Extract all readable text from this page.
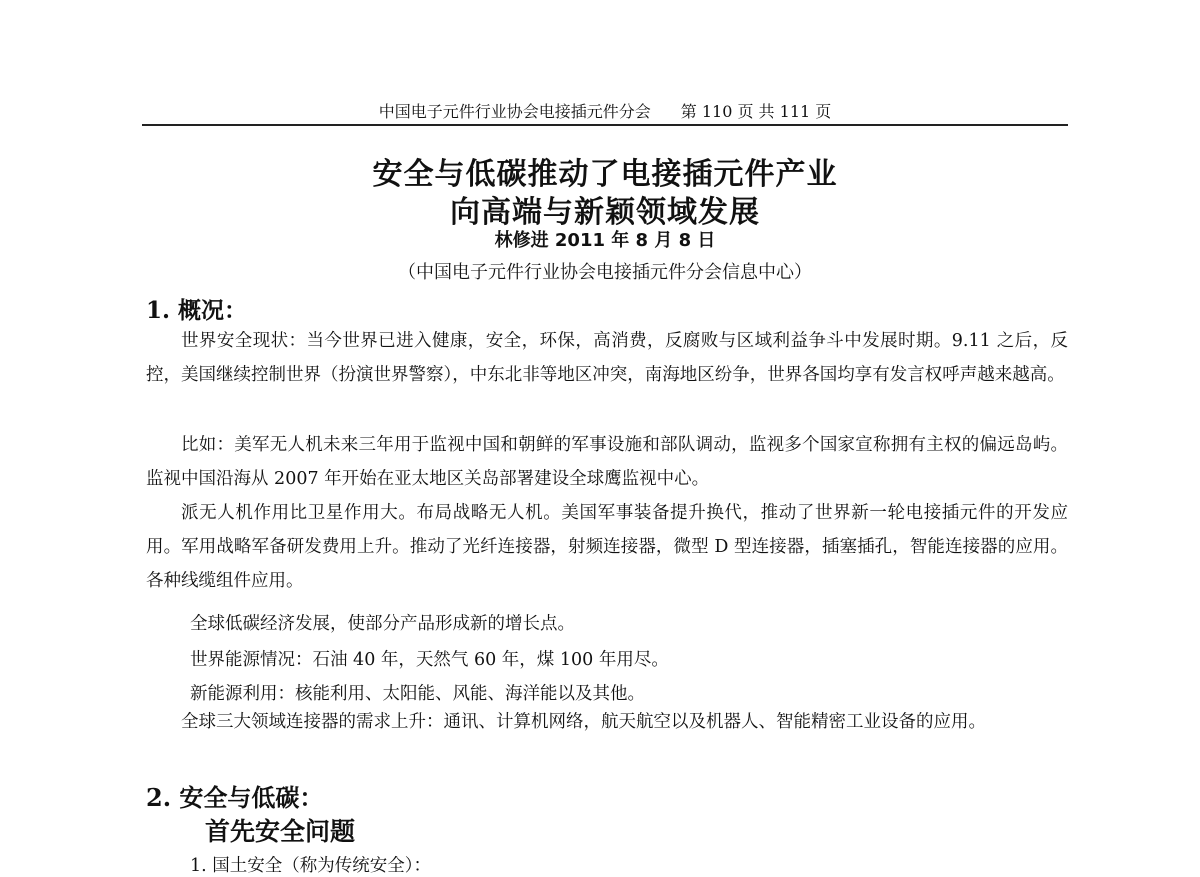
中国电子元件行业协会电接插元件分会 第 110 页 共 111 页
安全与低碳推动了电接插元件产业
向高端与新颖领域发展
林修进 2011 年 8 月 8 日
（中国电子元件行业协会电接插元件分会信息中心）
1. 概况：
世界安全现状：当今世界已进入健康，安全，环保，高消费，反腐败与区域利益争斗中发展时期。9.11 之后，反控，美国继续控制世界（扮演世界警察），中东北非等地区冲突，南海地区纷争，世界各国均享有发言权呼声越来越高。
比如：美军无人机未来三年用于监视中国和朝鲜的军事设施和部队调动，监视多个国家宣称拥有主权的偏远岛屿。监视中国沿海从 2007 年开始在亚太地区关岛部署建设全球鹰监视中心。
派无人机作用比卫星作用大。布局战略无人机。美国军事装备提升换代，推动了世界新一轮电接插元件的开发应用。军用战略军备研发费用上升。推动了光纤连接器，射频连接器，微型 D 型连接器，插塞插孔，智能连接器的应用。各种线缆组件应用。
全球低碳经济发展，使部分产品形成新的增长点。
世界能源情况：石油 40 年，天然气 60 年，煤 100 年用尽。
新能源利用：核能利用、太阳能、风能、海洋能以及其他。
全球三大领域连接器的需求上升：通讯、计算机网络，航天航空以及机器人、智能精密工业设备的应用。
2. 安全与低碳：
首先安全问题
1. 国土安全（称为传统安全）：
